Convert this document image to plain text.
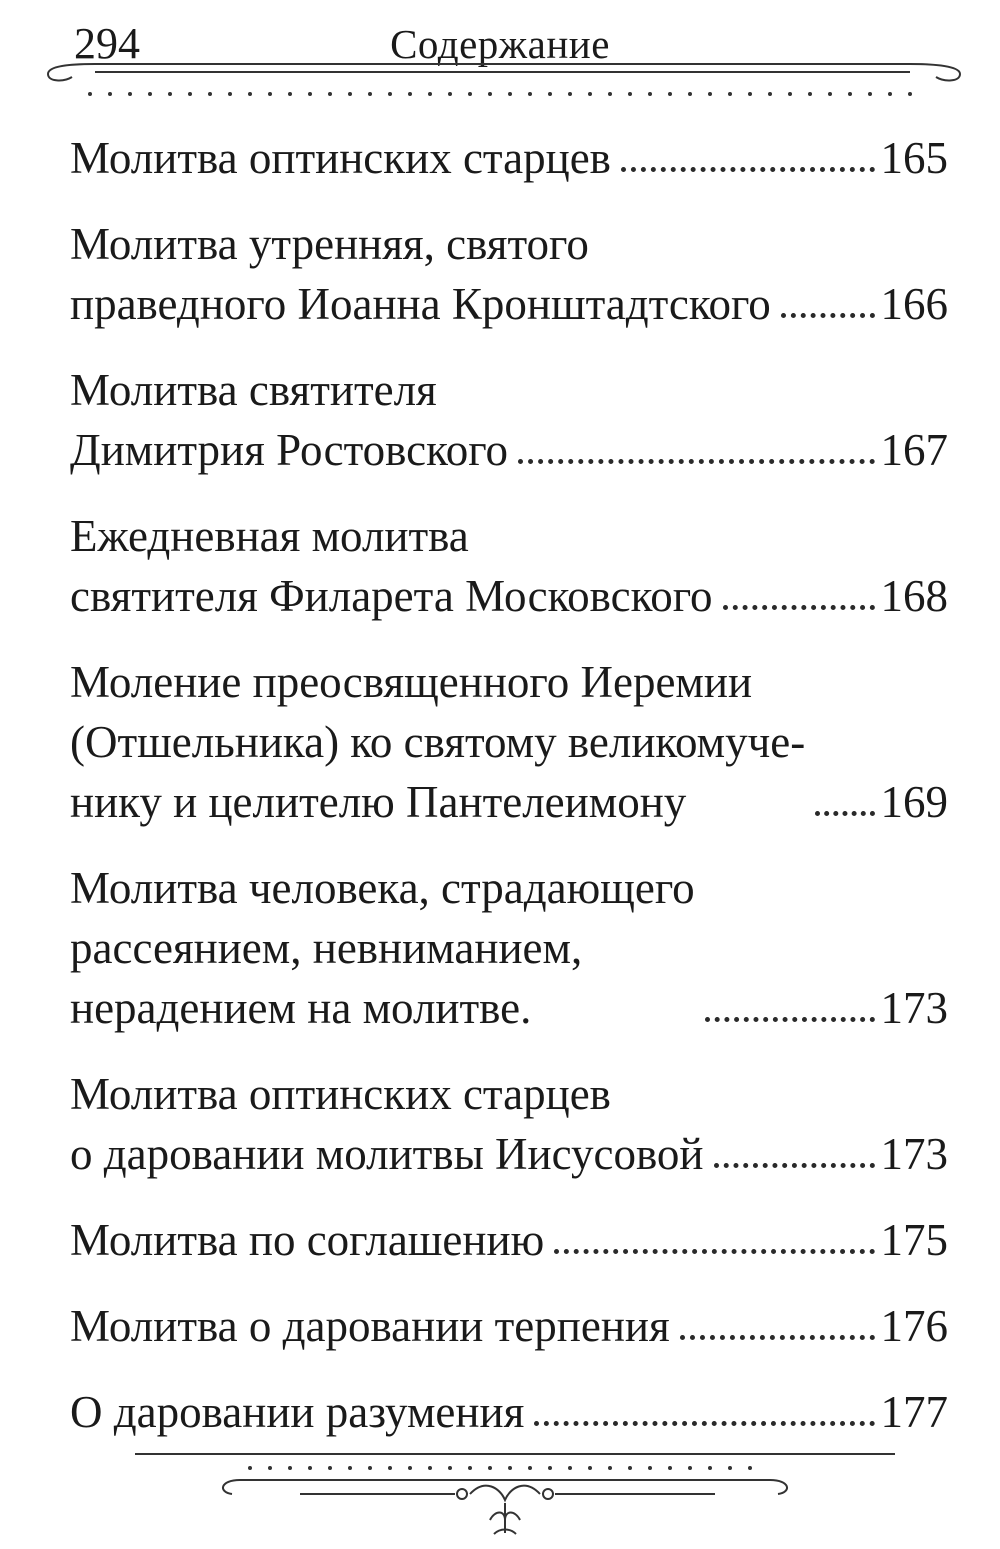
294	Содержание
Молитва оптинских старцев	165
Молитва утренняя, святого
праведного Иоанна Кронштадтского 166
Молитва святителя
Димитрия Ростовского	167
Ежедневная молитва
святителя Филарета Московского	168
Моление преосвященного Иеремии
(Отшельника) ко святому великомуче-
нику и целителю Пантелеимону	169
Молитва человека, страдающего
рассеянием, невниманием,
нерадением на молитве.	173
Молитва оптинских старцев
о даровании молитвы Иисусовой	173
Молитва по соглашению	175
Молитва о даровании терпения	176
О даровании разумения	177
